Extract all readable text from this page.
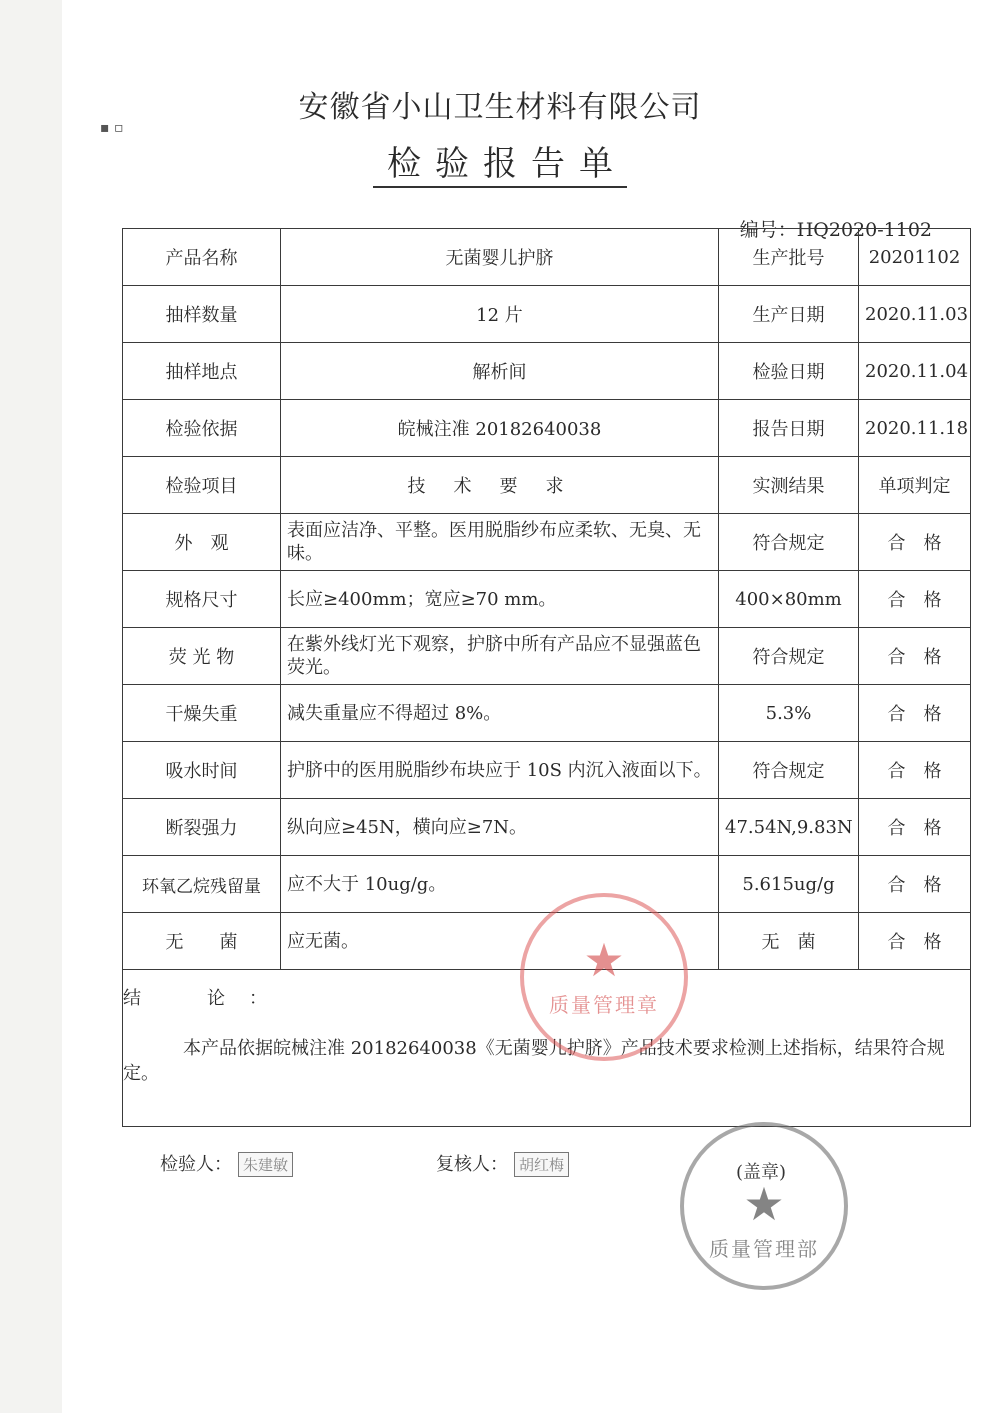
▪ ▫
安徽省小山卫生材料有限公司
检验报告单
编号：HQ2020-1102
产品名称	无菌婴儿护脐	生产批号	20201102
抽样数量	12 片	生产日期	2020.11.03
抽样地点	解析间	检验日期	2020.11.04
检验依据	皖械注准 20182640038	报告日期	2020.11.18
检验项目	技术要求	实测结果	单项判定
外　观	表面应洁净、平整。医用脱脂纱布应柔软、无臭、无味。	符合规定	合　格
规格尺寸	长应≥400mm；宽应≥70 mm。	400×80mm	合　格
荧 光 物	在紫外线灯光下观察，护脐中所有产品应不显强蓝色荧光。	符合规定	合　格
干燥失重	减失重量应不得超过 8%。	5.3%	合　格
吸水时间	护脐中的医用脱脂纱布块应于 10S 内沉入液面以下。	符合规定	合　格
断裂强力	纵向应≥45N，横向应≥7N。	47.54N,9.83N	合　格
环氧乙烷残留量	应不大于 10ug/g。	5.615ug/g	合　格
无　　菌	应无菌。	无　菌	合　格

结　论：
本产品依据皖械注准 20182640038《无菌婴儿护脐》产品技术要求检测上述指标，结果符合规定。			
★
质量管理章
检验人： 朱建敏	复核人： 胡红梅
★
质量管理部
(盖章)
